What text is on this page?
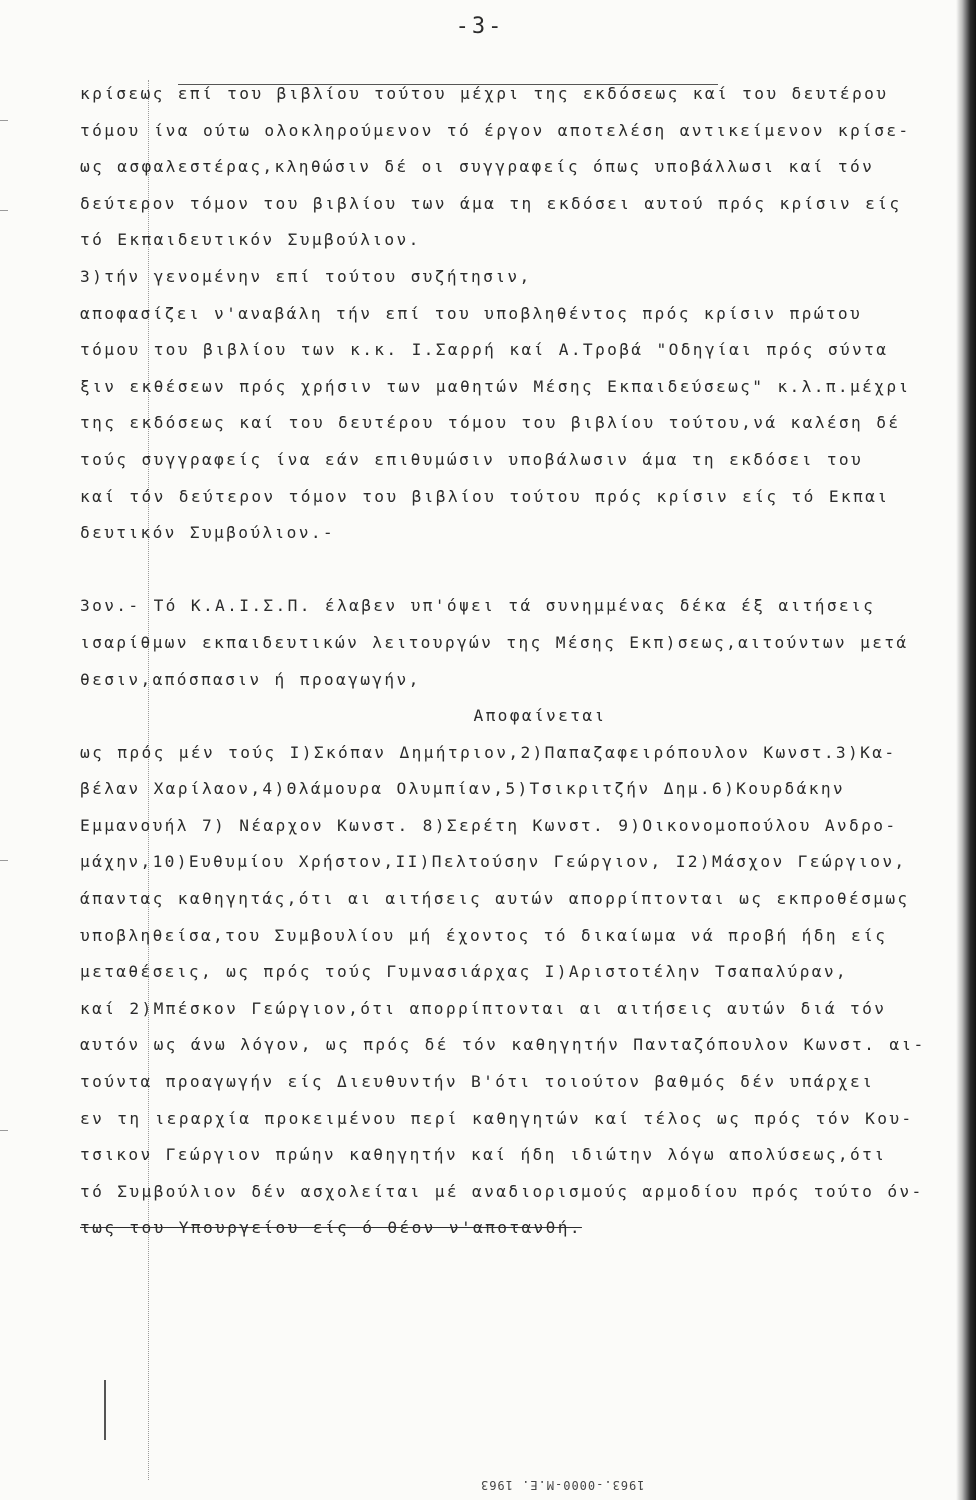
-3-
κρίσεως επί του βιβλίου τούτου μέχρι της εκδόσεως καί του δευτέρου
τόμου ίνα ούτω ολοκληρούμενον τό έργον αποτελέση αντικείμενον κρίσε-
ως ασφαλεστέρας,κληθώσιν δέ οι συγγραφείς όπως υποβάλλωσι καί τόν
δεύτερον τόμον του βιβλίου των άμα τη εκδόσει αυτού πρός κρίσιν είς
τό Εκπαιδευτικόν Συμβούλιον.
3)τήν γενομένην επί τούτου συζήτησιν,
αποφασίζει ν'αναβάλη τήν επί του υποβληθέντος πρός κρίσιν πρώτου
τόμου του βιβλίου των κ.κ. Ι.Σαρρή καί Α.Τροβά "Οδηγίαι πρός σύντα
ξιν εκθέσεων πρός χρήσιν των μαθητών Μέσης Εκπαιδεύσεως" κ.λ.π.μέχρι
της εκδόσεως καί του δευτέρου τόμου του βιβλίου τούτου,νά καλέση δέ
τούς συγγραφείς ίνα εάν επιθυμώσιν υποβάλωσιν άμα τη εκδόσει του
καί τόν δεύτερον τόμον του βιβλίου τούτου πρός κρίσιν είς τό Εκπαι
δευτικόν Συμβούλιον.-
3ον.- Τό Κ.Α.Ι.Σ.Π. έλαβεν υπ'όψει τά συνημμένας δέκα έξ αιτήσεις
ισαρίθμων εκπαιδευτικών λειτουργών της Μέσης Εκπ)σεως,αιτούντων μετά
θεσιν,απόσπασιν ή προαγωγήν,
Αποφαίνεται
ως πρός μέν τούς Ι)Σκόπαν Δημήτριον,2)Παπαζαφειρόπουλον Κωνστ.3)Κα-
βέλαν Χαρίλαον,4)Θλάμουρα Ολυμπίαν,5)Τσικριτζήν Δημ.6)Κουρδάκην
Εμμανουήλ 7) Νέαρχον Κωνστ. 8)Σερέτη Κωνστ. 9)Οικονομοπούλου Ανδρο-
μάχην,10)Ευθυμίου Χρήστον,ΙΙ)Πελτούσην Γεώργιον, Ι2)Μάσχον Γεώργιον,
άπαντας καθηγητάς,ότι αι αιτήσεις αυτών απορρίπτονται ως εκπροθέσμως
υποβληθείσα,του Συμβουλίου μή έχοντος τό δικαίωμα νά προβή ήδη είς
μεταθέσεις, ως πρός τούς Γυμνασιάρχας Ι)Αριστοτέλην Τσαπαλύραν,
καί 2)Μπέσκον Γεώργιον,ότι απορρίπτονται αι αιτήσεις αυτών διά τόν
αυτόν ως άνω λόγον, ως πρός δέ τόν καθηγητήν Πανταζόπουλον Κωνστ. αι-
τούντα προαγωγήν είς Διευθυντήν Β'ότι τοιούτον βαθμός δέν υπάρχει
εν τη ιεραρχία προκειμένου περί καθηγητών καί τέλος ως πρός τόν Κου-
τσικον Γεώργιον πρώην καθηγητήν καί ήδη ιδιώτην λόγω απολύσεως,ότι
τό Συμβούλιον δέν ασχολείται μέ αναδιορισμούς αρμοδίου πρός τούτο όν-
τως του Υπουργείου είς ό θέον ν'αποτανθή.
1963.-0000-M.E. 1963
